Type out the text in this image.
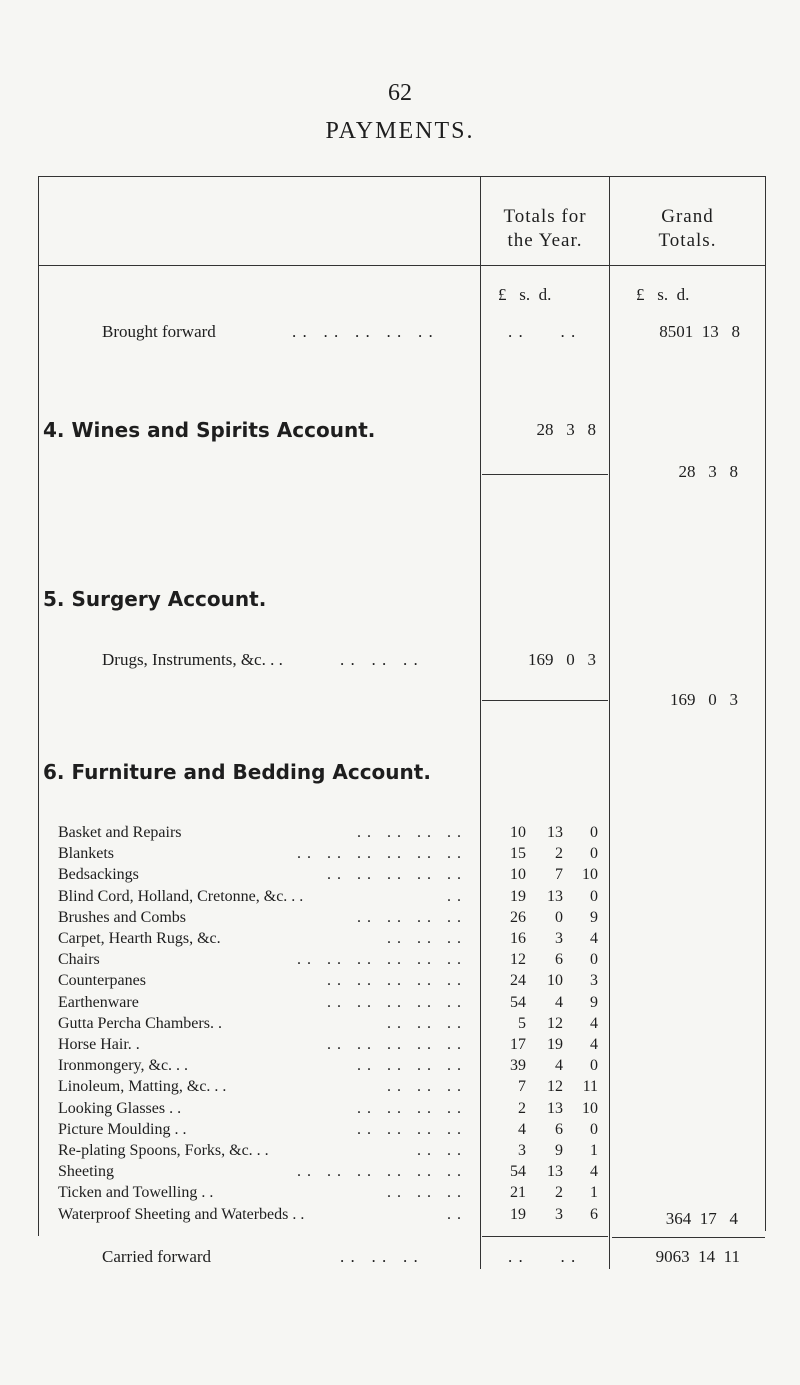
62
PAYMENTS.
Totals for
the Year.
Grand
Totals.
£   s.  d.	£   s.  d.
Brought forward	. .   . .   . .   . .   . .	. .       . .	8501  13   8
4. Wines and Spirits Account.	28   3   8
28   3   8
5. Surgery Account.
Drugs, Instruments, &c. . .	. .   . .   . .	169   0   3
169   0   3
6. Furniture and Bedding Account.
Basket and Repairs	. .   . .   . .   . .	10	13	0
Blankets	. .   . .   . .   . .   . .   . .	15	2	0
Bedsackings	. .   . .   . .   . .   . .	10	7	10
Blind Cord, Holland, Cretonne, &c. . .	. .	19	13	0
Brushes and Combs	. .   . .   . .   . .	26	0	9
Carpet, Hearth Rugs, &c.	. .   . .   . .	16	3	4
Chairs	. .   . .   . .   . .   . .   . .	12	6	0
Counterpanes	. .   . .   . .   . .   . .	24	10	3
Earthenware	. .   . .   . .   . .   . .	54	4	9
Gutta Percha Chambers. .	. .   . .   . .	5	12	4
Horse Hair. .	. .   . .   . .   . .   . .	17	19	4
Ironmongery, &c. . .	. .   . .   . .   . .	39	4	0
Linoleum, Matting, &c. . .	. .   . .   . .	7	12	11
Looking Glasses . .	. .   . .   . .   . .	2	13	10
Picture Moulding . .	. .   . .   . .   . .	4	6	0
Re-plating Spoons, Forks, &c. . .	. .   . .	3	9	1
Sheeting	. .   . .   . .   . .   . .   . .	54	13	4
Ticken and Towelling . .	. .   . .   . .	21	2	1
Waterproof Sheeting and Waterbeds . .	. .	19	3	6	364  17   4
Carried forward	. .   . .   . .	. .       . .	9063  14  11
